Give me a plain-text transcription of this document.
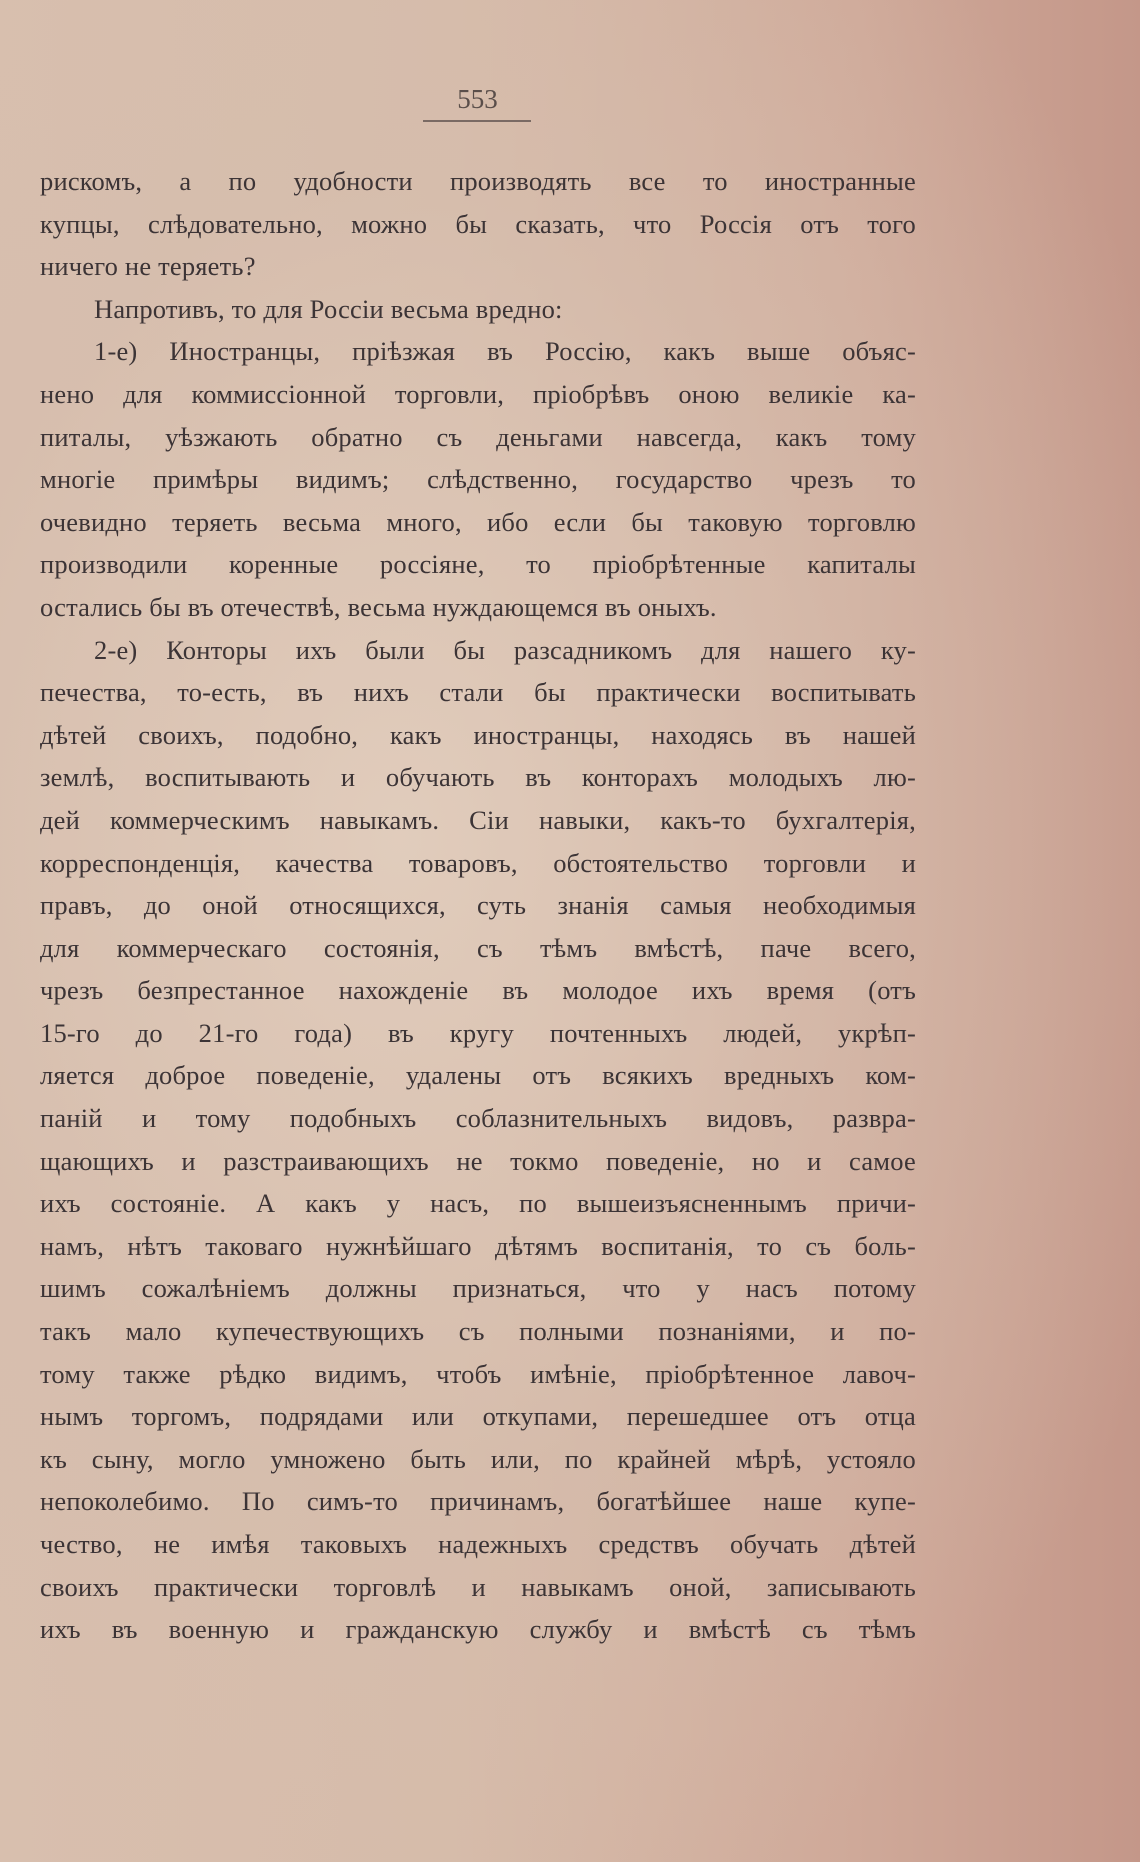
553
рискомъ, а по удобности производять все то иностранные
купцы, слѣдовательно, можно бы сказать, что Россія отъ того
ничего не теряеть?
Напротивъ, то для Россіи весьма вредно:
1-е) Иностранцы, пріѣзжая въ Россію, какъ выше объяс-
нено для коммиссіонной торговли, пріобрѣвъ оною великіе ка-
питалы, уѣзжають обратно съ деньгами навсегда, какъ тому
многіе примѣры видимъ; слѣдственно, государство чрезъ то
очевидно теряеть весьма много, ибо если бы таковую торговлю
производили коренные россіяне, то пріобрѣтенные капиталы
остались бы въ отечествѣ, весьма нуждающемся въ оныхъ.
2-е) Конторы ихъ были бы разсадникомъ для нашего ку-
печества, то-есть, въ нихъ стали бы практически воспитывать
дѣтей своихъ, подобно, какъ иностранцы, находясь въ нашей
землѣ, воспитывають и обучають въ конторахъ молодыхъ лю-
дей коммерческимъ навыкамъ. Сіи навыки, какъ-то бухгалтерія,
корреспонденція, качества товаровъ, обстоятельство торговли и
правъ, до оной относящихся, суть знанія самыя необходимыя
для коммерческаго состоянія, съ тѣмъ вмѣстѣ, паче всего,
чрезъ безпрестанное нахожденіе въ молодое ихъ время (отъ
15-го до 21-го года) въ кругу почтенныхъ людей, укрѣп-
ляется доброе поведеніе, удалены отъ всякихъ вредныхъ ком-
паній и тому подобныхъ соблазнительныхъ видовъ, развра-
щающихъ и разстраивающихъ не токмо поведеніе, но и самое
ихъ состояніе. А какъ у насъ, по вышеизъясненнымъ причи-
намъ, нѣтъ таковаго нужнѣйшаго дѣтямъ воспитанія, то съ боль-
шимъ сожалѣніемъ должны признаться, что у насъ потому
такъ мало купечествующихъ съ полными познаніями, и по-
тому также рѣдко видимъ, чтобъ имѣніе, пріобрѣтенное лавоч-
нымъ торгомъ, подрядами или откупами, перешедшее отъ отца
къ сыну, могло умножено быть или, по крайней мѣрѣ, устояло
непоколебимо. По симъ-то причинамъ, богатѣйшее наше купе-
чество, не имѣя таковыхъ надежныхъ средствъ обучать дѣтей
своихъ практически торговлѣ и навыкамъ оной, записывають
ихъ въ военную и гражданскую службу и вмѣстѣ съ тѣмъ
